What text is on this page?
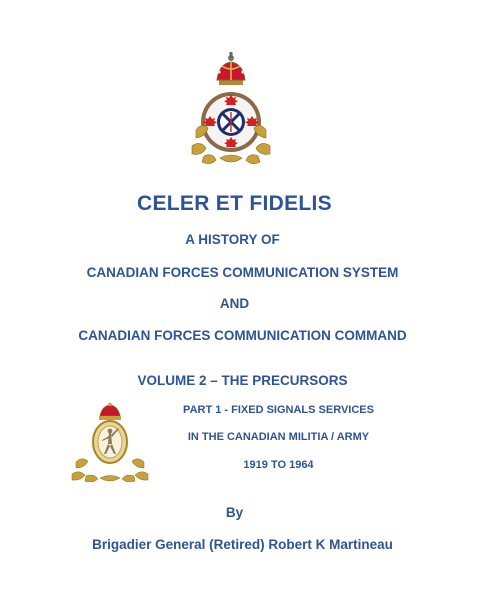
CELER ET FIDELIS
A HISTORY OF
CANADIAN FORCES COMMUNICATION SYSTEM
AND
CANADIAN FORCES COMMUNICATION COMMAND
VOLUME 2 – THE PRECURSORS
PART 1 - FIXED SIGNALS SERVICES
IN THE CANADIAN MILITIA / ARMY
1919 TO 1964
By
Brigadier General (Retired) Robert K Martineau
